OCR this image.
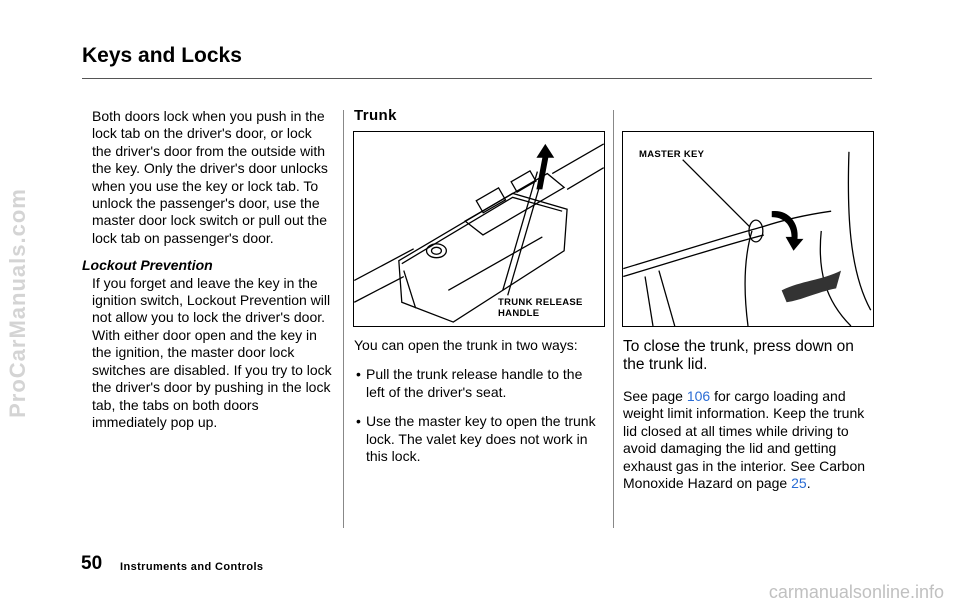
Keys and Locks

Both doors lock when you push in the lock tab on the driver's door, or lock the driver's door from the outside with the key. Only the driver's door unlocks when you use the key or lock tab. To unlock the passenger's door, use the master door lock switch or pull out the lock tab on passenger's door.

Lockout Prevention

If you forget and leave the key in the ignition switch, Lockout Prevention will not allow you to lock the driver's door. With either door open and the key in the ignition, the master door lock switches are disabled. If you try to lock the driver's door by pushing in the lock tab, the tabs on both doors immediately pop up.

Trunk
TRUNK RELEASE
HANDLE

You can open the trunk in two ways:

• Pull the trunk release handle to the left of the driver's seat.
• Use the master key to open the trunk lock. The valet key does not work in this lock.
MASTER KEY

To close the trunk, press down on the trunk lid.

See page 106 for cargo loading and weight limit information. Keep the trunk lid closed at all times while driving to avoid damaging the lid and getting exhaust gas in the interior. See Carbon Monoxide Hazard on page 25.

50 Instruments and Controls
ProCarManuals.com
carmanualsonline.info
